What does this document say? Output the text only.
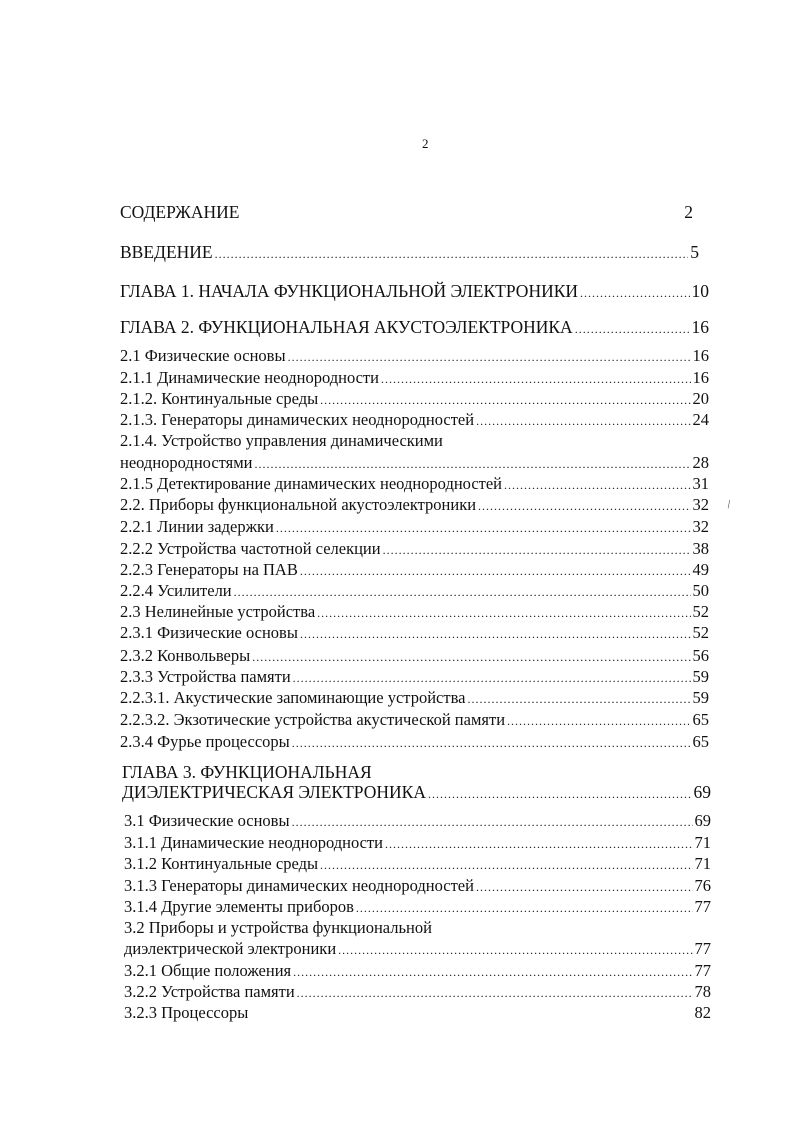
2
СОДЕРЖАНИЕ	2
ВВЕДЕНИЕ .....	5
ГЛАВА 1. НАЧАЛА ФУНКЦИОНАЛЬНОЙ ЭЛЕКТРОНИКИ .....	10
ГЛАВА 2. ФУНКЦИОНАЛЬНАЯ АКУСТОЭЛЕКТРОНИКА .....	16
2.1 Физические основы .....	16
2.1.1 Динамические неоднородности .....	16
2.1.2. Континуальные среды .....	20
2.1.3. Генераторы динамических неоднородностей .....	24
2.1.4. Устройство управления динамическими
неоднородностями .....	28
2.1.5 Детектирование динамических неоднородностей .....	31
2.2. Приборы функциональной акустоэлектроники .....	32
2.2.1 Линии задержки .....	32
2.2.2 Устройства частотной селекции .....	38
2.2.3 Генераторы на ПАВ .....	49
2.2.4 Усилители .....	50
2.3 Нелинейные устройства .....	52
2.3.1 Физические основы .....	52
2.3.2 Конвольверы .....	56
2.3.3 Устройства памяти .....	59
2.2.3.1. Акустические запоминающие устройства .....	59
2.2.3.2. Экзотические устройства акустической памяти .....	65
2.3.4 Фурье процессоры .....	65
ГЛАВА 3. ФУНКЦИОНАЛЬНАЯ
ДИЭЛЕКТРИЧЕСКАЯ ЭЛЕКТРОНИКА .....	69
3.1 Физические основы .....	69
3.1.1 Динамические неоднородности .....	71
3.1.2 Континуальные среды .....	71
3.1.3 Генераторы динамических неоднородностей .....	76
3.1.4 Другие элементы приборов .....	77
3.2 Приборы и устройства функциональной
диэлектрической электроники .....	77
3.2.1 Общие положения .....	77
3.2.2 Устройства памяти .....	78
3.2.3 Процессоры	82
\
